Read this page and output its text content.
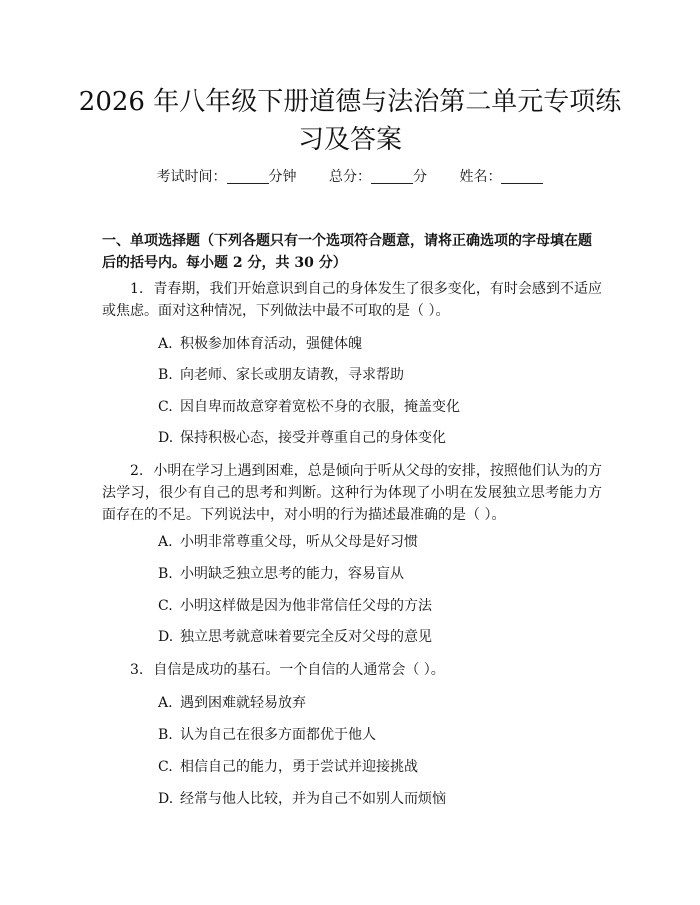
2026 年八年级下册道德与法治第二单元专项练习及答案
考试时间：	分钟 总分：	分 姓名：
一、单项选择题（下列各题只有一个选项符合题意，请将正确选项的字母填在题后的括号内。每小题 2 分，共 30 分）
1. 青春期，我们开始意识到自己的身体发生了很多变化，有时会感到不适应或焦虑。面对这种情况，下列做法中最不可取的是（ ）。
A. 积极参加体育活动，强健体魄
B. 向老师、家长或朋友请教，寻求帮助
C. 因自卑而故意穿着宽松不身的衣服，掩盖变化
D. 保持积极心态，接受并尊重自己的身体变化
2. 小明在学习上遇到困难，总是倾向于听从父母的安排，按照他们认为的方法学习，很少有自己的思考和判断。这种行为体现了小明在发展独立思考能力方面存在的不足。下列说法中，对小明的行为描述最准确的是（ ）。
A. 小明非常尊重父母，听从父母是好习惯
B. 小明缺乏独立思考的能力，容易盲从
C. 小明这样做是因为他非常信任父母的方法
D. 独立思考就意味着要完全反对父母的意见
3. 自信是成功的基石。一个自信的人通常会（ ）。
A. 遇到困难就轻易放弃
B. 认为自己在很多方面都优于他人
C. 相信自己的能力，勇于尝试并迎接挑战
D. 经常与他人比较，并为自己不如别人而烦恼
